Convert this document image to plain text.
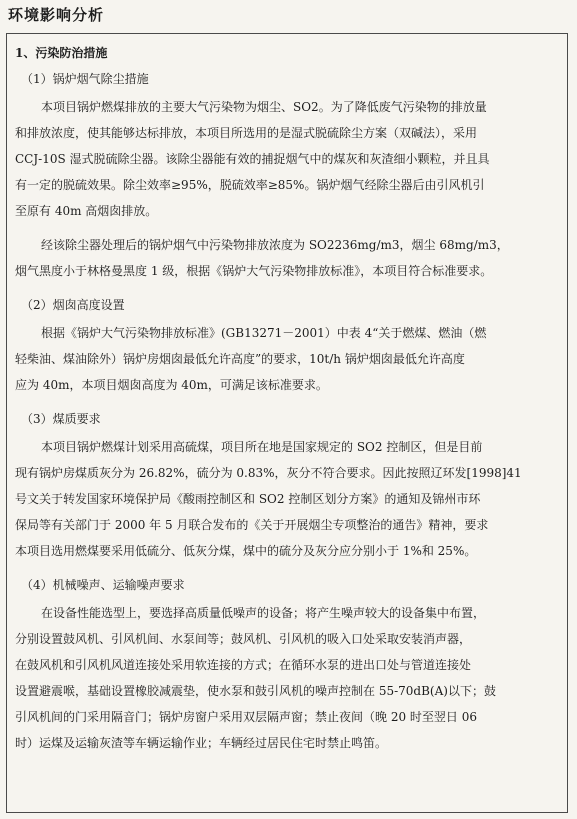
环境影响分析
1、污染防治措施
（1）锅炉烟气除尘措施
本项目锅炉燃煤排放的主要大气污染物为烟尘、SO2。为了降低废气污染物的排放量
和排放浓度，使其能够达标排放，本项目所选用的是湿式脱硫除尘方案（双碱法），采用
CCJ-10S 湿式脱硫除尘器。该除尘器能有效的捕捉烟气中的煤灰和灰渣细小颗粒，并且具
有一定的脱硫效果。除尘效率≥95%，脱硫效率≥85%。锅炉烟气经除尘器后由引风机引
至原有 40m 高烟囱排放。
经该除尘器处理后的锅炉烟气中污染物排放浓度为 SO2236mg/m3，烟尘 68mg/m3，
烟气黑度小于林格曼黑度 1 级，根据《锅炉大气污染物排放标准》，本项目符合标准要求。
（2）烟囱高度设置
根据《锅炉大气污染物排放标准》(GB13271－2001）中表 4“关于燃煤、燃油（燃
轻柴油、煤油除外）锅炉房烟囱最低允许高度”的要求，10t/h 锅炉烟囱最低允许高度
应为 40m，本项目烟囱高度为 40m，可满足该标准要求。
（3）煤质要求
本项目锅炉燃煤计划采用高硫煤，项目所在地是国家规定的 SO2 控制区，但是目前
现有锅炉房煤质灰分为 26.82%，硫分为 0.83%，灰分不符合要求。因此按照辽环发[1998]41
号文关于转发国家环境保护局《酸雨控制区和 SO2 控制区划分方案》的通知及锦州市环
保局等有关部门于 2000 年 5 月联合发布的《关于开展烟尘专项整治的通告》精神，要求
本项目选用燃煤要采用低硫分、低灰分煤，煤中的硫分及灰分应分别小于 1%和 25%。
（4）机械噪声、运输噪声要求
在设备性能选型上，要选择高质量低噪声的设备；将产生噪声较大的设备集中布置，
分别设置鼓风机、引风机间、水泵间等；鼓风机、引风机的吸入口处采取安装消声器，
在鼓风机和引风机风道连接处采用软连接的方式；在循环水泵的进出口处与管道连接处
设置避震喉，基础设置橡胶减震垫，使水泵和鼓引风机的噪声控制在 55-70dB(A)以下；鼓
引风机间的门采用隔音门；锅炉房窗户采用双层隔声窗；禁止夜间（晚 20 时至翌日 06
时）运煤及运输灰渣等车辆运输作业；车辆经过居民住宅时禁止鸣笛。
